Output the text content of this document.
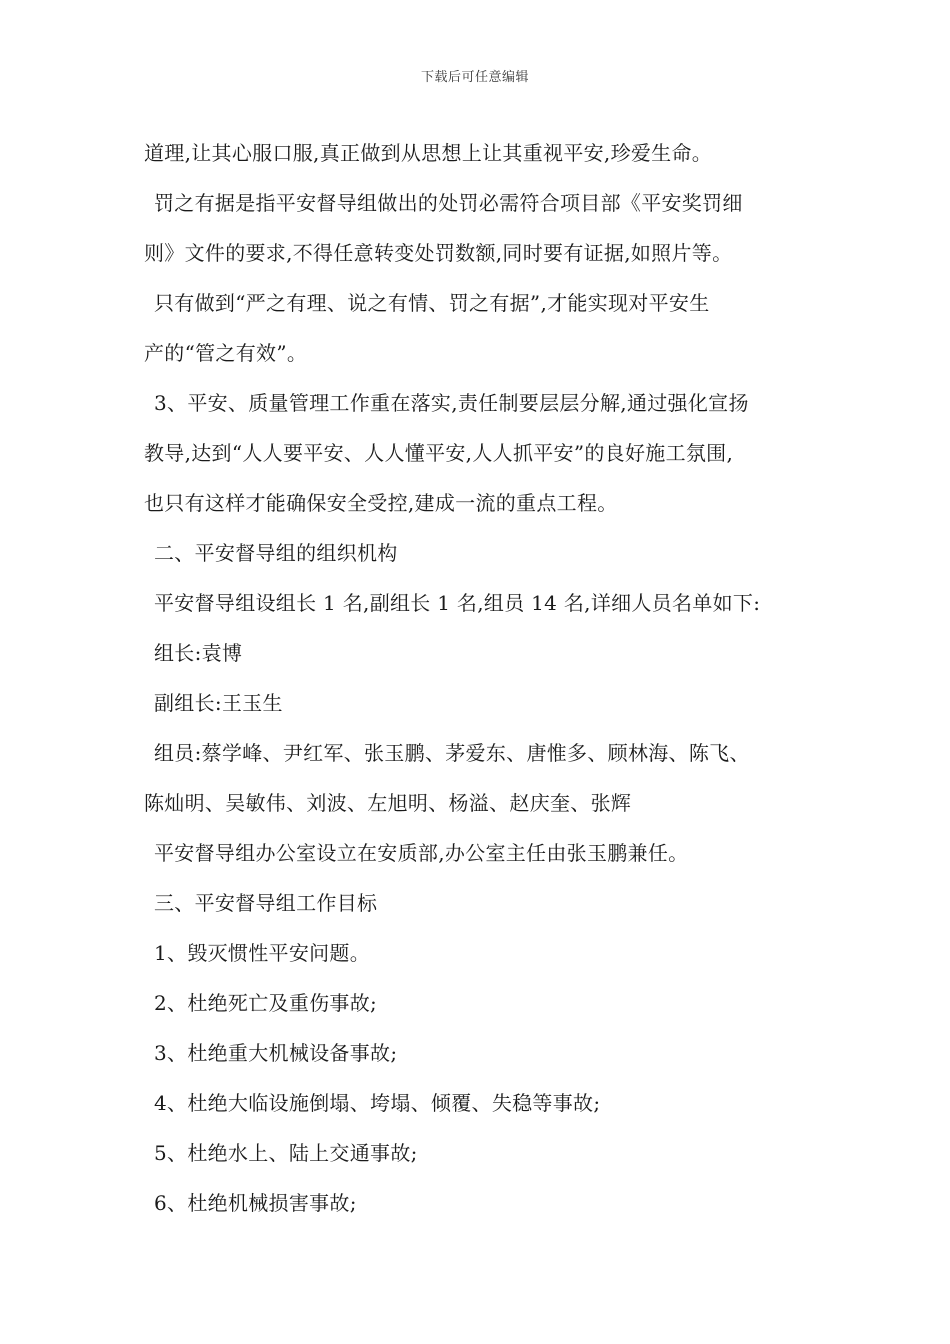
下载后可任意编辑
道理,让其心服口服,真正做到从思想上让其重视平安,珍爱生命。
罚之有据是指平安督导组做出的处罚必需符合项目部《平安奖罚细
则》文件的要求,不得任意转变处罚数额,同时要有证据,如照片等。
只有做到“严之有理、说之有情、罚之有据”,才能实现对平安生
产的“管之有效”。
3、平安、质量管理工作重在落实,责任制要层层分解,通过强化宣扬
教导,达到“人人要平安、人人懂平安,人人抓平安”的良好施工氛围,
也只有这样才能确保安全受控,建成一流的重点工程。
二、平安督导组的组织机构
平安督导组设组长 1 名,副组长 1 名,组员 14 名,详细人员名单如下:
组长:袁博
副组长:王玉生
组员:蔡学峰、尹红军、张玉鹏、茅爱东、唐惟多、顾林海、陈飞、
陈灿明、吴敏伟、刘波、左旭明、杨溢、赵庆奎、张辉
平安督导组办公室设立在安质部,办公室主任由张玉鹏兼任。
三、平安督导组工作目标
1、毁灭惯性平安问题。
2、杜绝死亡及重伤事故;
3、杜绝重大机械设备事故;
4、杜绝大临设施倒塌、垮塌、倾覆、失稳等事故;
5、杜绝水上、陆上交通事故;
6、杜绝机械损害事故;
